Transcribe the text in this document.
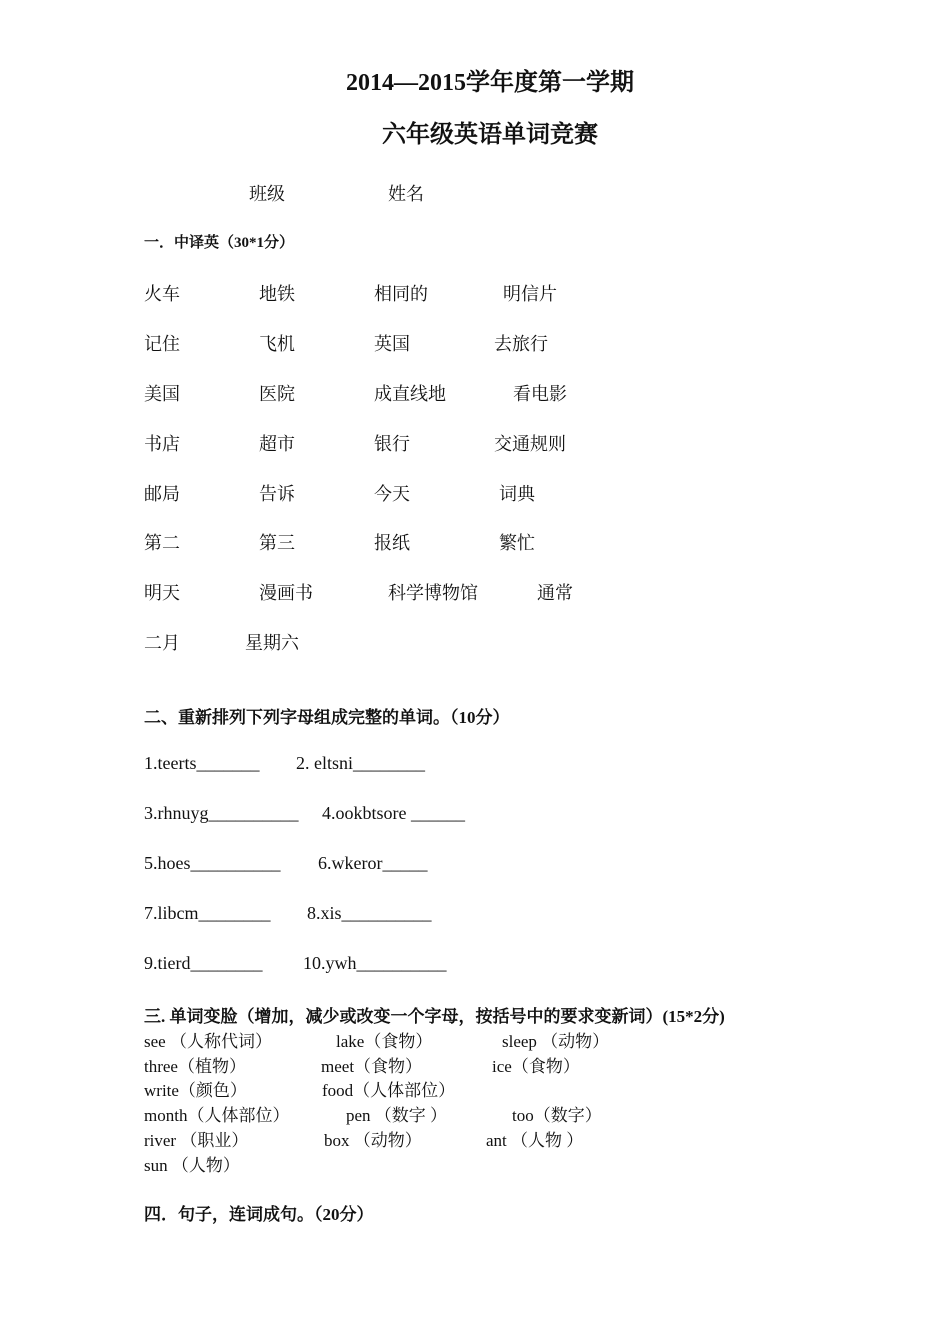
2014—2015学年度第一学期
六年级英语单词竞赛
班级	姓名
一．中译英（30*1分）
火车	地铁	相同的	明信片
记住	飞机	英国	去旅行
美国	医院	成直线地	看电影
书店	超市	银行	交通规则
邮局	告诉	今天	词典
第二	第三	报纸	繁忙
明天	漫画书	科学博物馆	通常
二月	星期六
二、重新排列下列字母组成完整的单词。（10分）
1.teerts_______ 2. eltsni________
3.rhnuyg__________ 4.ookbtsore ______
5.hoes__________ 6.wkeror_____
7.libcm________ 8.xis__________
9.tierd________ 10.ywh__________
三. 单词变脸（增加，减少或改变一个字母，按括号中的要求变新词）(15*2分)
see （人称代词）	lake（食物）	sleep （动物）
three（植物）	meet（食物）	ice（食物）
write（颜色）	food（人体部位）
month（人体部位）	pen （数字 ）	too（数字）
river （职业）	box （动物）	ant （人物 ）
sun （人物）
四．句子，连词成句。（20分）
